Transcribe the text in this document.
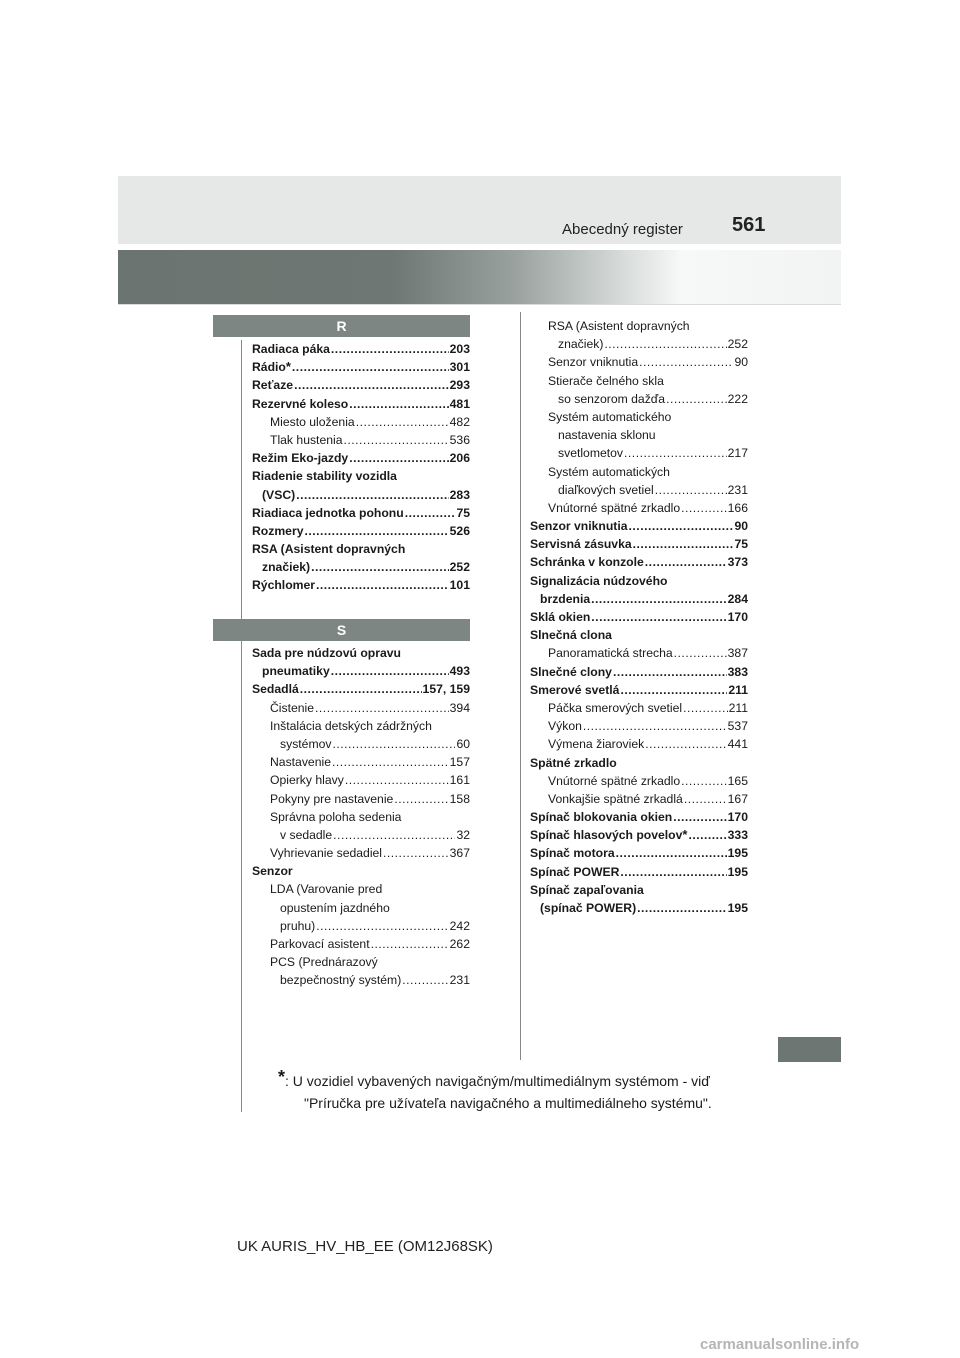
561
Abecedný register
R
S
Radiaca páka .....	203
Rádio * .....	301
Reťaze .....	293
Rezervné koleso .....	481
Miesto uloženia .....	482
Tlak hustenia .....	536
Režim Eko-jazdy .....	206
Riadenie stability vozidla
(VSC) .....	283
Riadiaca jednotka pohonu .....	75
Rozmery .....	526
RSA (Asistent dopravných
značiek) .....	252
Rýchlomer .....	101
Sada pre núdzovú opravu
pneumatiky .....	493
Sedadlá .....	157, 159
Čistenie .....	394
Inštalácia detských zádržných
systémov .....	60
Nastavenie .....	157
Opierky hlavy .....	161
Pokyny pre nastavenie .....	158
Správna poloha sedenia
v sedadle .....	32
Vyhrievanie sedadiel .....	367
Senzor
LDA (Varovanie pred
opustením jazdného
pruhu) .....	242
Parkovací asistent .....	262
PCS (Prednárazový
bezpečnostný systém) .....	231
RSA (Asistent dopravných
značiek) .....	252
Senzor vniknutia .....	90
Stierače čelného skla
so senzorom dažďa .....	222
Systém automatického
nastavenia sklonu
svetlometov .....	217
Systém automatických
diaľkových svetiel .....	231
Vnútorné spätné zrkadlo .....	166
Senzor vniknutia .....	90
Servisná zásuvka .....	75
Schránka v konzole .....	373
Signalizácia núdzového
brzdenia .....	284
Sklá okien .....	170
Slnečná clona
Panoramatická strecha .....	387
Slnečné clony .....	383
Smerové svetlá .....	211
Páčka smerových svetiel .....	211
Výkon .....	537
Výmena žiaroviek .....	441
Spätné zrkadlo
Vnútorné spätné zrkadlo .....	165
Vonkajšie spätné zrkadlá .....	167
Spínač blokovania okien .....	170
Spínač hlasových povelov * .....	333
Spínač motora .....	195
Spínač POWER .....	195
Spínač zapaľovania
(spínač POWER) .....	195
*: U vozidiel vybavených navigačným/multimediálnym systémom - viď
"Príručka pre užívateľa navigačného a multimediálneho systému".
UK AURIS_HV_HB_EE (OM12J68SK)
carmanualsonline.info
